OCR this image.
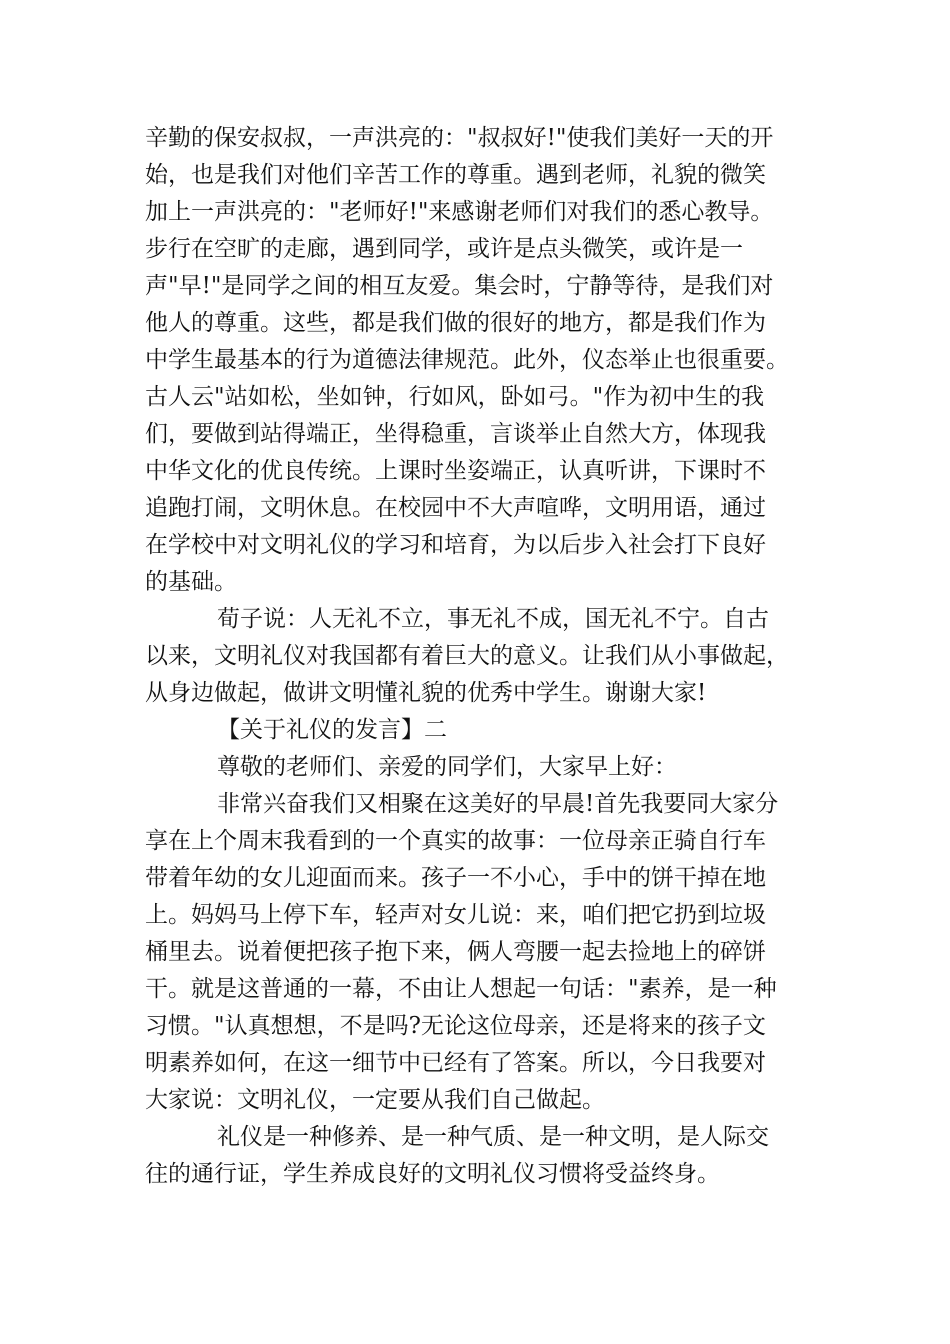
辛勤的保安叔叔，一声洪亮的："叔叔好!"使我们美好一天的开
始，也是我们对他们辛苦工作的尊重。遇到老师，礼貌的微笑
加上一声洪亮的："老师好!"来感谢老师们对我们的悉心教导。
步行在空旷的走廊，遇到同学，或许是点头微笑，或许是一
声"早!"是同学之间的相互友爱。集会时，宁静等待，是我们对
他人的尊重。这些，都是我们做的很好的地方，都是我们作为
中学生最基本的行为道德法律规范。此外，仪态举止也很重要。
古人云"站如松，坐如钟，行如风，卧如弓。"作为初中生的我
们，要做到站得端正，坐得稳重，言谈举止自然大方，体现我
中华文化的优良传统。上课时坐姿端正，认真听讲，下课时不
追跑打闹，文明休息。在校园中不大声喧哗，文明用语，通过
在学校中对文明礼仪的学习和培育，为以后步入社会打下良好
的基础。
荀子说：人无礼不立，事无礼不成，国无礼不宁。自古
以来，文明礼仪对我国都有着巨大的意义。让我们从小事做起，
从身边做起，做讲文明懂礼貌的优秀中学生。谢谢大家!
【关于礼仪的发言】二
尊敬的老师们、亲爱的同学们，大家早上好：
非常兴奋我们又相聚在这美好的早晨!首先我要同大家分
享在上个周末我看到的一个真实的故事：一位母亲正骑自行车
带着年幼的女儿迎面而来。孩子一不小心，手中的饼干掉在地
上。妈妈马上停下车，轻声对女儿说：来，咱们把它扔到垃圾
桶里去。说着便把孩子抱下来，俩人弯腰一起去捡地上的碎饼
干。就是这普通的一幕，不由让人想起一句话："素养，是一种
习惯。"认真想想，不是吗?无论这位母亲，还是将来的孩子文
明素养如何，在这一细节中已经有了答案。所以，今日我要对
大家说：文明礼仪，一定要从我们自己做起。
礼仪是一种修养、是一种气质、是一种文明，是人际交
往的通行证，学生养成良好的文明礼仪习惯将受益终身。
